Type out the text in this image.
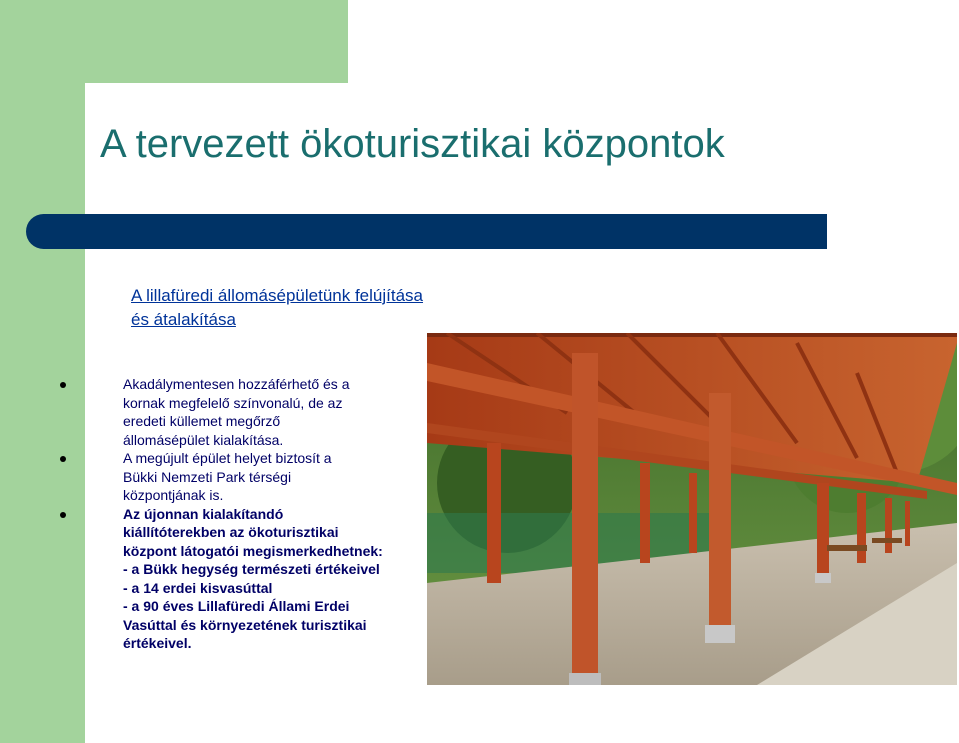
A tervezett ökoturisztikai központok
A lillafüredi állomásépületünk felújítása és átalakítása
Akadálymentesen hozzáférhető és a
kornak megfelelő színvonalú, de az
eredeti küllemet megőrző
állomásépület kialakítása.
A megújult épület helyet biztosít a
Bükki Nemzeti Park térségi
központjának is.
Az újonnan kialakítandó
kiállítóterekben az ökoturisztikai
központ látogatói megismerkedhetnek:
- a Bükk hegység természeti értékeivel
- a 14 erdei kisvasúttal
- a 90 éves Lillafüredi Állami Erdei
Vasúttal és környezetének turisztikai
értékeivel.
